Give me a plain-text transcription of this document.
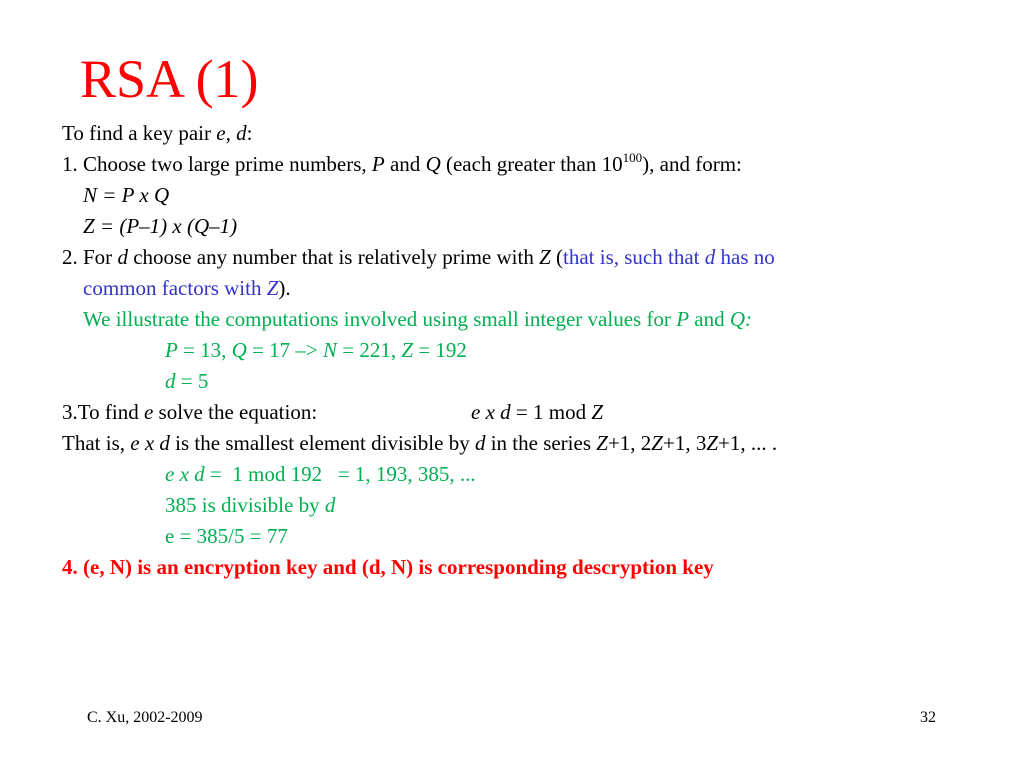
RSA (1)
To find a key pair e, d:
1. Choose two large prime numbers, P and Q (each greater than $10^{100}$), and form:
N = P x Q
Z = (P–1) x (Q–1)
2. For d choose any number that is relatively prime with Z (that is, such that d has no
common factors with Z).
We illustrate the computations involved using small integer values for P and Q:
P = 13, Q = 17 –> N = 221, Z = 192
d = 5
3.To find e solve the equation:	e x d = 1 mod Z
That is, e x d is the smallest element divisible by d in the series Z+1, 2Z+1, 3Z+1, ... .
e x d =  1 mod 192   = 1, 193, 385, ...
385 is divisible by d
e = 385/5 = 77
4. (e, N) is an encryption key and (d, N) is corresponding descryption key
C. Xu, 2002-2009	32
